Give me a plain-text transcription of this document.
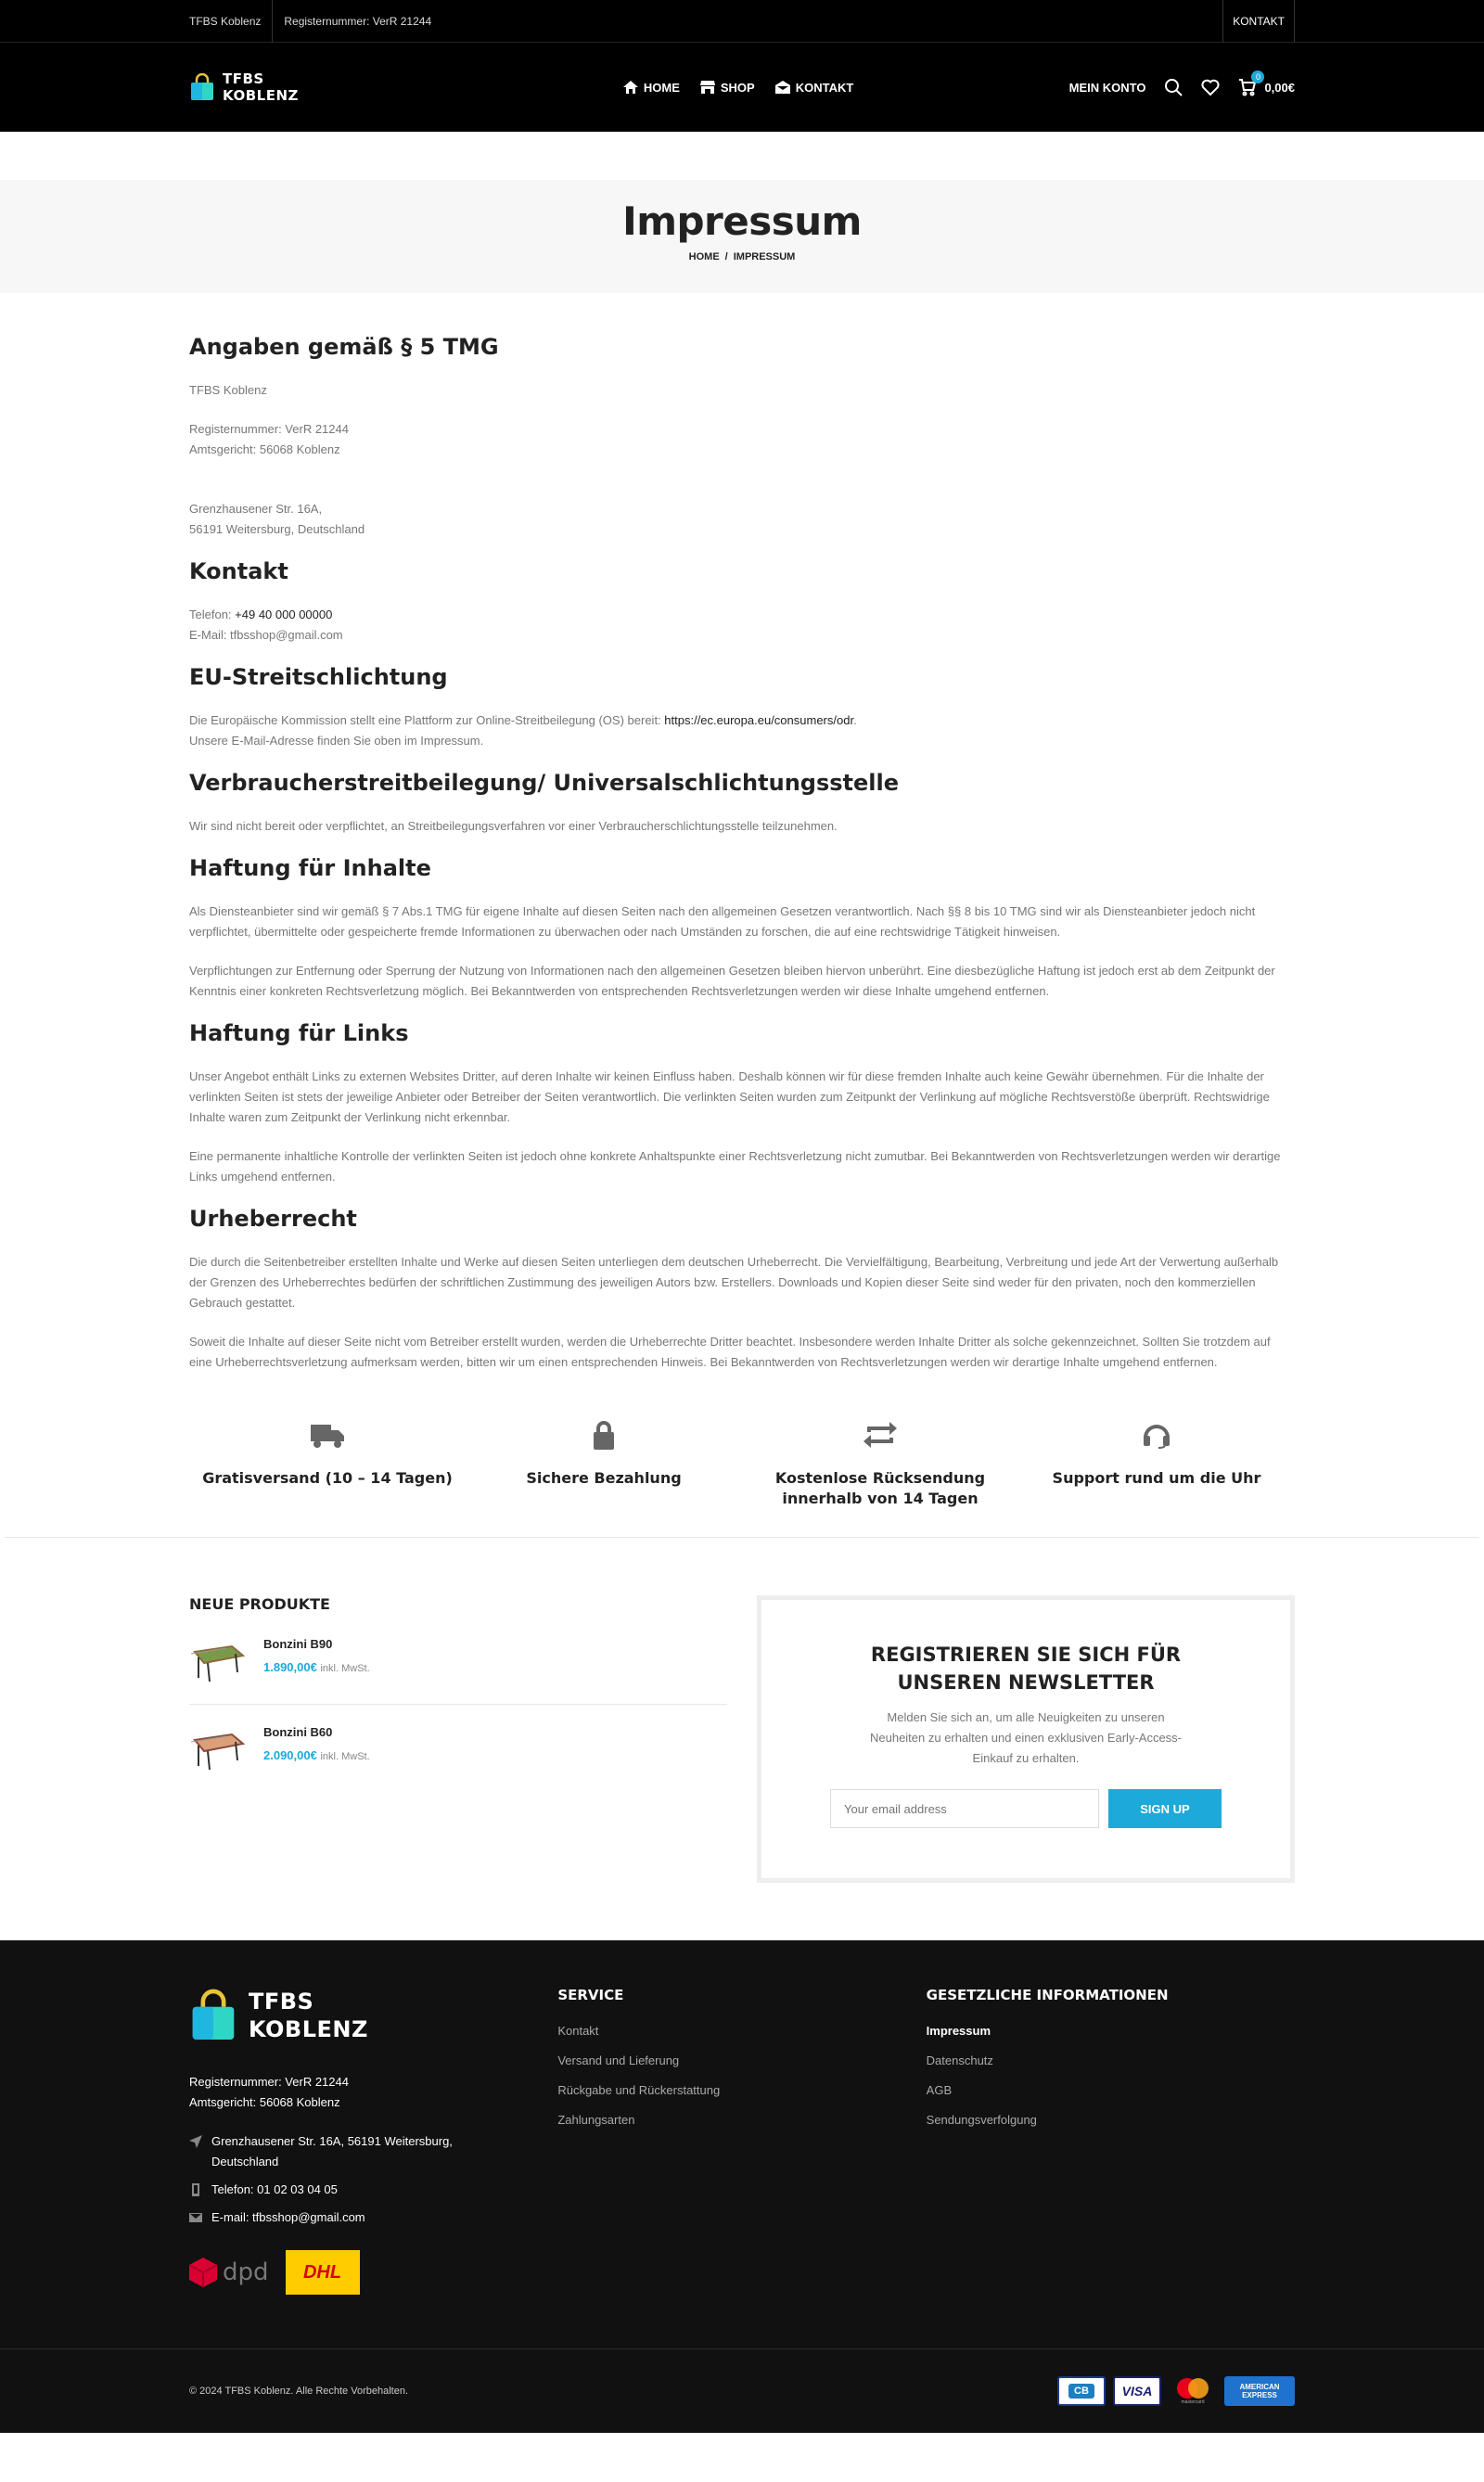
TFBS Koblenz	Registernummer: VerR 21244	KONTAKT
TFBS
KOBLENZ	HOME	SHOP	KONTAKT	MEIN KONTO
0
0,00€
Impressum
HOME / IMPRESSUM
Angaben gemäß § 5 TMG

TFBS Koblenz

Registernummer: VerR 21244
Amtsgericht: 56068 Koblenz

Grenzhausener Str. 16A,
56191 Weitersburg, Deutschland

Kontakt

Telefon: +49 40 000 00000
E-Mail: tfbsshop@gmail.com

EU-Streitschlichtung

Die Europäische Kommission stellt eine Plattform zur Online-Streitbeilegung (OS) bereit: https://ec.europa.eu/consumers/odr.
Unsere E-Mail-Adresse finden Sie oben im Impressum.

Verbraucherstreitbeilegung/ Universalschlichtungsstelle

Wir sind nicht bereit oder verpflichtet, an Streitbeilegungsverfahren vor einer Verbraucherschlichtungsstelle teilzunehmen.

Haftung für Inhalte

Als Diensteanbieter sind wir gemäß § 7 Abs.1 TMG für eigene Inhalte auf diesen Seiten nach den allgemeinen Gesetzen verantwortlich. Nach §§ 8 bis 10 TMG sind wir als Diensteanbieter jedoch nicht verpflichtet, übermittelte oder gespeicherte fremde Informationen zu überwachen oder nach Umständen zu forschen, die auf eine rechtswidrige Tätigkeit hinweisen.

Verpflichtungen zur Entfernung oder Sperrung der Nutzung von Informationen nach den allgemeinen Gesetzen bleiben hiervon unberührt. Eine diesbezügliche Haftung ist jedoch erst ab dem Zeitpunkt der Kenntnis einer konkreten Rechtsverletzung möglich. Bei Bekanntwerden von entsprechenden Rechtsverletzungen werden wir diese Inhalte umgehend entfernen.

Haftung für Links

Unser Angebot enthält Links zu externen Websites Dritter, auf deren Inhalte wir keinen Einfluss haben. Deshalb können wir für diese fremden Inhalte auch keine Gewähr übernehmen. Für die Inhalte der verlinkten Seiten ist stets der jeweilige Anbieter oder Betreiber der Seiten verantwortlich. Die verlinkten Seiten wurden zum Zeitpunkt der Verlinkung auf mögliche Rechtsverstöße überprüft. Rechtswidrige Inhalte waren zum Zeitpunkt der Verlinkung nicht erkennbar.

Eine permanente inhaltliche Kontrolle der verlinkten Seiten ist jedoch ohne konkrete Anhaltspunkte einer Rechtsverletzung nicht zumutbar. Bei Bekanntwerden von Rechtsverletzungen werden wir derartige Links umgehend entfernen.

Urheberrecht

Die durch die Seitenbetreiber erstellten Inhalte und Werke auf diesen Seiten unterliegen dem deutschen Urheberrecht. Die Vervielfältigung, Bearbeitung, Verbreitung und jede Art der Verwertung außerhalb der Grenzen des Urheberrechtes bedürfen der schriftlichen Zustimmung des jeweiligen Autors bzw. Erstellers. Downloads und Kopien dieser Seite sind weder für den privaten, noch den kommerziellen Gebrauch gestattet.

Soweit die Inhalte auf dieser Seite nicht vom Betreiber erstellt wurden, werden die Urheberrechte Dritter beachtet. Insbesondere werden Inhalte Dritter als solche gekennzeichnet. Sollten Sie trotzdem auf eine Urheberrechtsverletzung aufmerksam werden, bitten wir um einen entsprechenden Hinweis. Bei Bekanntwerden von Rechtsverletzungen werden wir derartige Inhalte umgehend entfernen.

Gratisversand (10 – 14 Tagen)	Sichere Bezahlung	Kostenlose Rücksendung
innerhalb von 14 Tagen
Support rund um die Uhr
NEUE PRODUKTE
Bonzini B90
1.890,00€ inkl. MwSt.
Bonzini B60
2.090,00€ inkl. MwSt.
REGISTRIEREN SIE SICH FÜR
UNSEREN NEWSLETTER

Melden Sie sich an, um alle Neuigkeiten zu unseren Neuheiten zu erhalten und einen exklusiven Early-Access-Einkauf zu erhalten.

Your email address
SIGN UP
TFBS
KOBLENZ
Registernummer: VerR 21244
Amtsgericht: 56068 Koblenz
Grenzhausener Str. 16A, 56191 Weitersburg, Deutschland
Telefon: 01 02 03 04 05
E-mail: tfbsshop@gmail.com
dpd	DHL
SERVICE
Kontakt
Versand und Lieferung
Rückgabe und Rückerstattung
Zahlungsarten
GESETZLICHE INFORMATIONEN
Impressum
Datenschutz
AGB
Sendungsverfolgung
© 2024 TFBS Koblenz. Alle Rechte Vorbehalten.	CB	VISA
mastercard
AMERICAN EXPRESS
